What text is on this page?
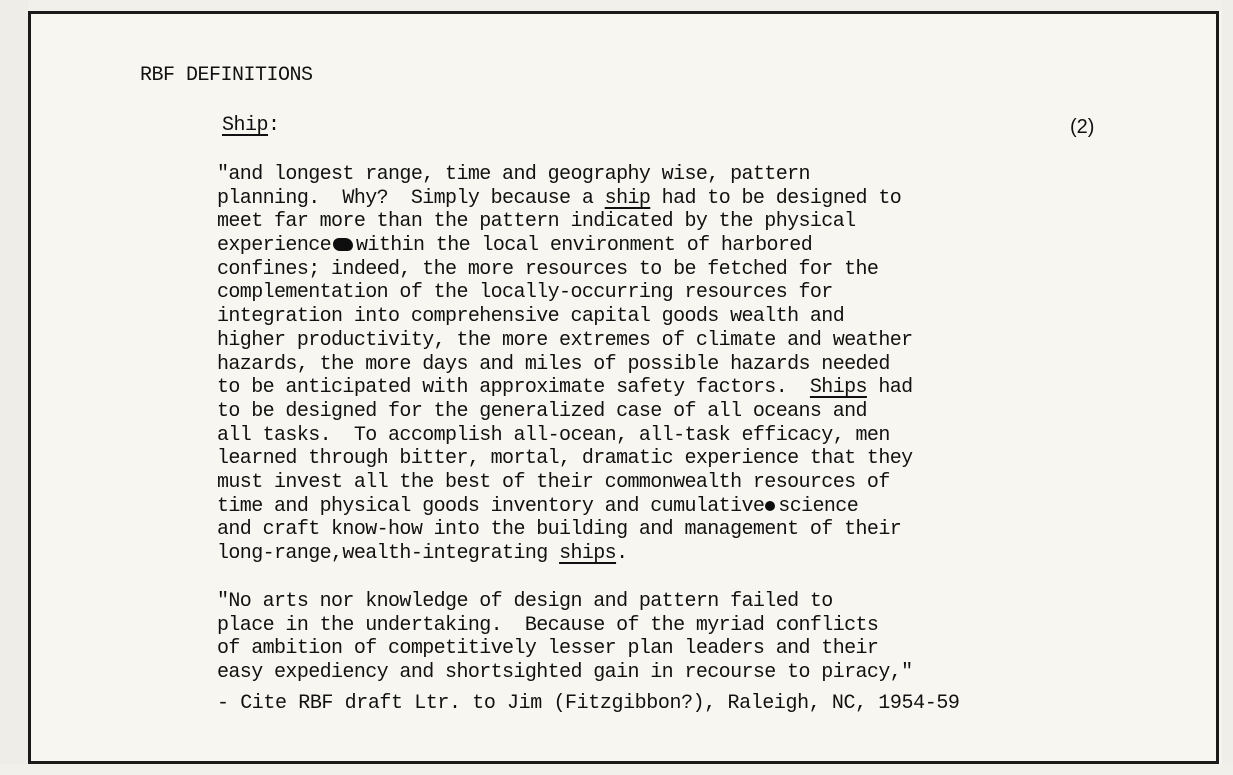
RBF DEFINITIONS
Ship:	(2)
"and longest range, time and geography wise, pattern
planning.  Why?  Simply because a ship had to be designed to
meet far more than the pattern indicated by the physical
experience within the local environment of harbored
confines; indeed, the more resources to be fetched for the
complementation of the locally-occurring resources for
integration into comprehensive capital goods wealth and
higher productivity, the more extremes of climate and weather
hazards, the more days and miles of possible hazards needed
to be anticipated with approximate safety factors.  Ships had
to be designed for the generalized case of all oceans and
all tasks.  To accomplish all-ocean, all-task efficacy, men
learned through bitter, mortal, dramatic experience that they
must invest all the best of their commonwealth resources of
time and physical goods inventory and cumulative science
and craft know-how into the building and management of their
long-range,wealth-integrating ships.
"No arts nor knowledge of design and pattern failed to
place in the undertaking.  Because of the myriad conflicts
of ambition of competitively lesser plan leaders and their
easy expediency and shortsighted gain in recourse to piracy,"
- Cite RBF draft Ltr. to Jim (Fitzgibbon?), Raleigh, NC, 1954-59
